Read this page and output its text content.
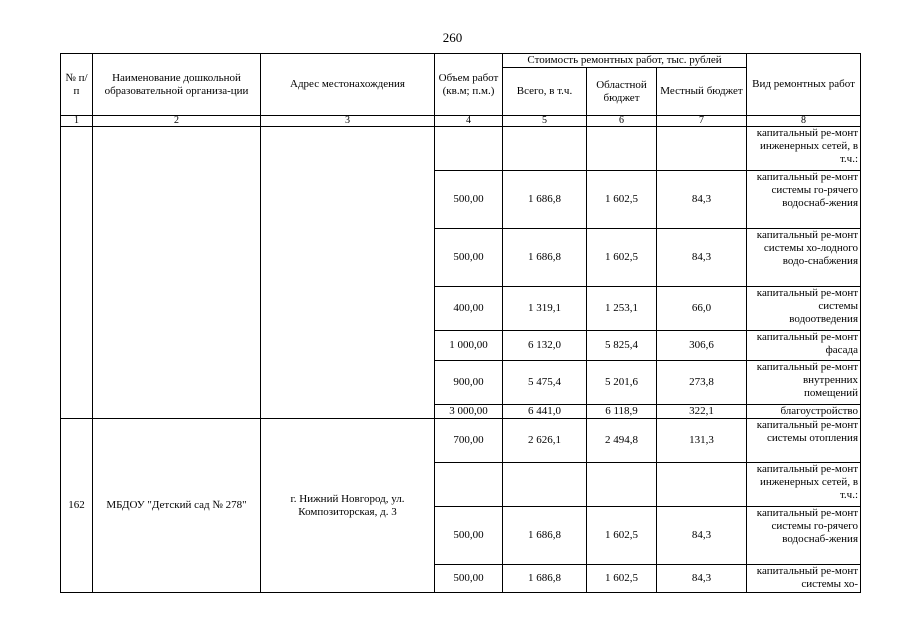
260
№ п/п	Наименование дошкольной образовательной организа-ции	Адрес местонахождения	Объем работ (кв.м; п.м.)	Стоимость ремонтных работ, тыс. рублей			Вид ремонтных работ
				Всего, в т.ч.	Областной бюджет	Местный бюджет	
1	2	3	4	5	6	7	8
							капитальный ре-монт инженерных сетей, в т.ч.:
			500,00	1 686,8	1 602,5	84,3	капитальный ре-монт системы го-рячего водоснаб-жения
			500,00	1 686,8	1 602,5	84,3	капитальный ре-монт системы хо-лодного водо-снабжения
			400,00	1 319,1	1 253,1	66,0	капитальный ре-монт системы водоотведения
			1 000,00	6 132,0	5 825,4	306,6	капитальный ре-монт фасада
			900,00	5 475,4	5 201,6	273,8	капитальный ре-монт внутренних помещений
			3 000,00	6 441,0	6 118,9	322,1	благоустройство
162	МБДОУ "Детский сад № 278"	г. Нижний Новгород, ул. Композиторская, д. 3	700,00	2 626,1	2 494,8	131,3	капитальный ре-монт системы отопления
							капитальный ре-монт инженерных сетей, в т.ч.:
			500,00	1 686,8	1 602,5	84,3	капитальный ре-монт системы го-рячего водоснаб-жения
			500,00	1 686,8	1 602,5	84,3	капитальный ре-монт системы хо-
